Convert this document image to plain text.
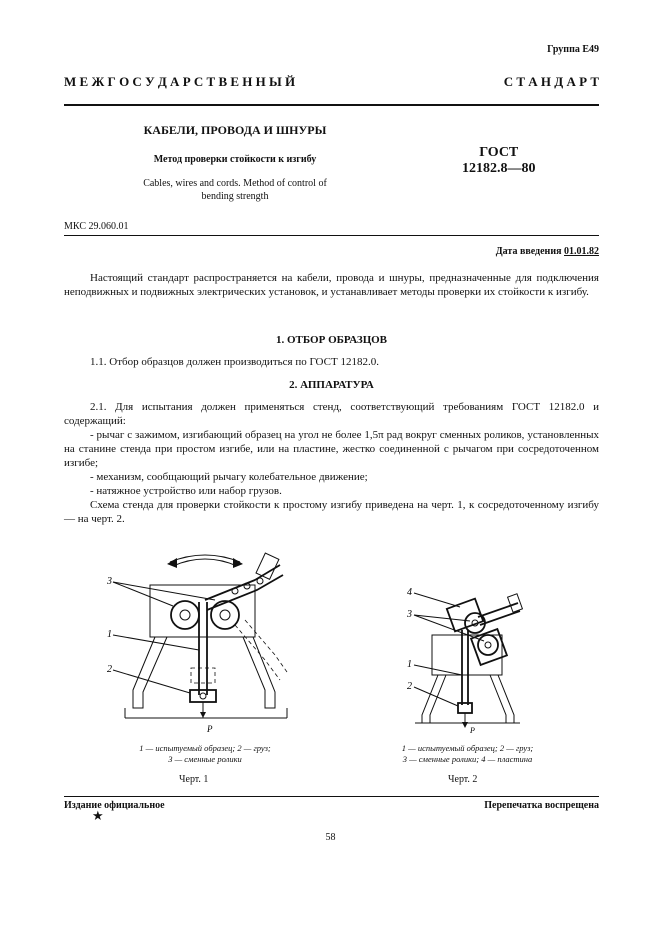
Группа Е49
М Е Ж Г О С У Д А Р С Т В Е Н Н Ы Й	С Т А Н Д А Р Т
КАБЕЛИ, ПРОВОДА И ШНУРЫ
Метод проверки стойкости к изгибу
Cables, wires and cords. Method of control of bending strength
ГОСТ
12182.8—80
МКС 29.060.01
Дата введения 01.01.82

Настоящий стандарт распространяется на кабели, провода и шнуры, предназначенные для подключения неподвижных и подвижных электрических установок, и устанавливает методы проверки их стойкости к изгибу.

1. ОТБОР ОБРАЗЦОВ

1.1. Отбор образцов должен производиться по ГОСТ 12182.0.

2. АППАРАТУРА

2.1. Для испытания должен применяться стенд, соответствующий требованиям ГОСТ 12182.0 и содержащий:

- рычаг с зажимом, изгибающий образец на угол не более 1,5π рад вокруг сменных роликов, установленных на станине стенда при простом изгибе, или на пластине, жестко соединенной с рычагом при сосредоточенном изгибе;

- механизм, сообщающий рычагу колебательное движение;

- натяжное устройство или набор грузов.

Схема стенда для проверки стойкости к простому изгибу приведена на черт. 1, к сосредоточенному изгибу — на черт. 2.

3
1
2
P
1 — испытуемый образец; 2 — груз;
3 — сменные ролики
Черт. 1
4
3
1
2
P
1 — испытуемый образец; 2 — груз;
3 — сменные ролики; 4 — пластина
Черт. 2
Издание официальное
★
Перепечатка воспрещена
58
